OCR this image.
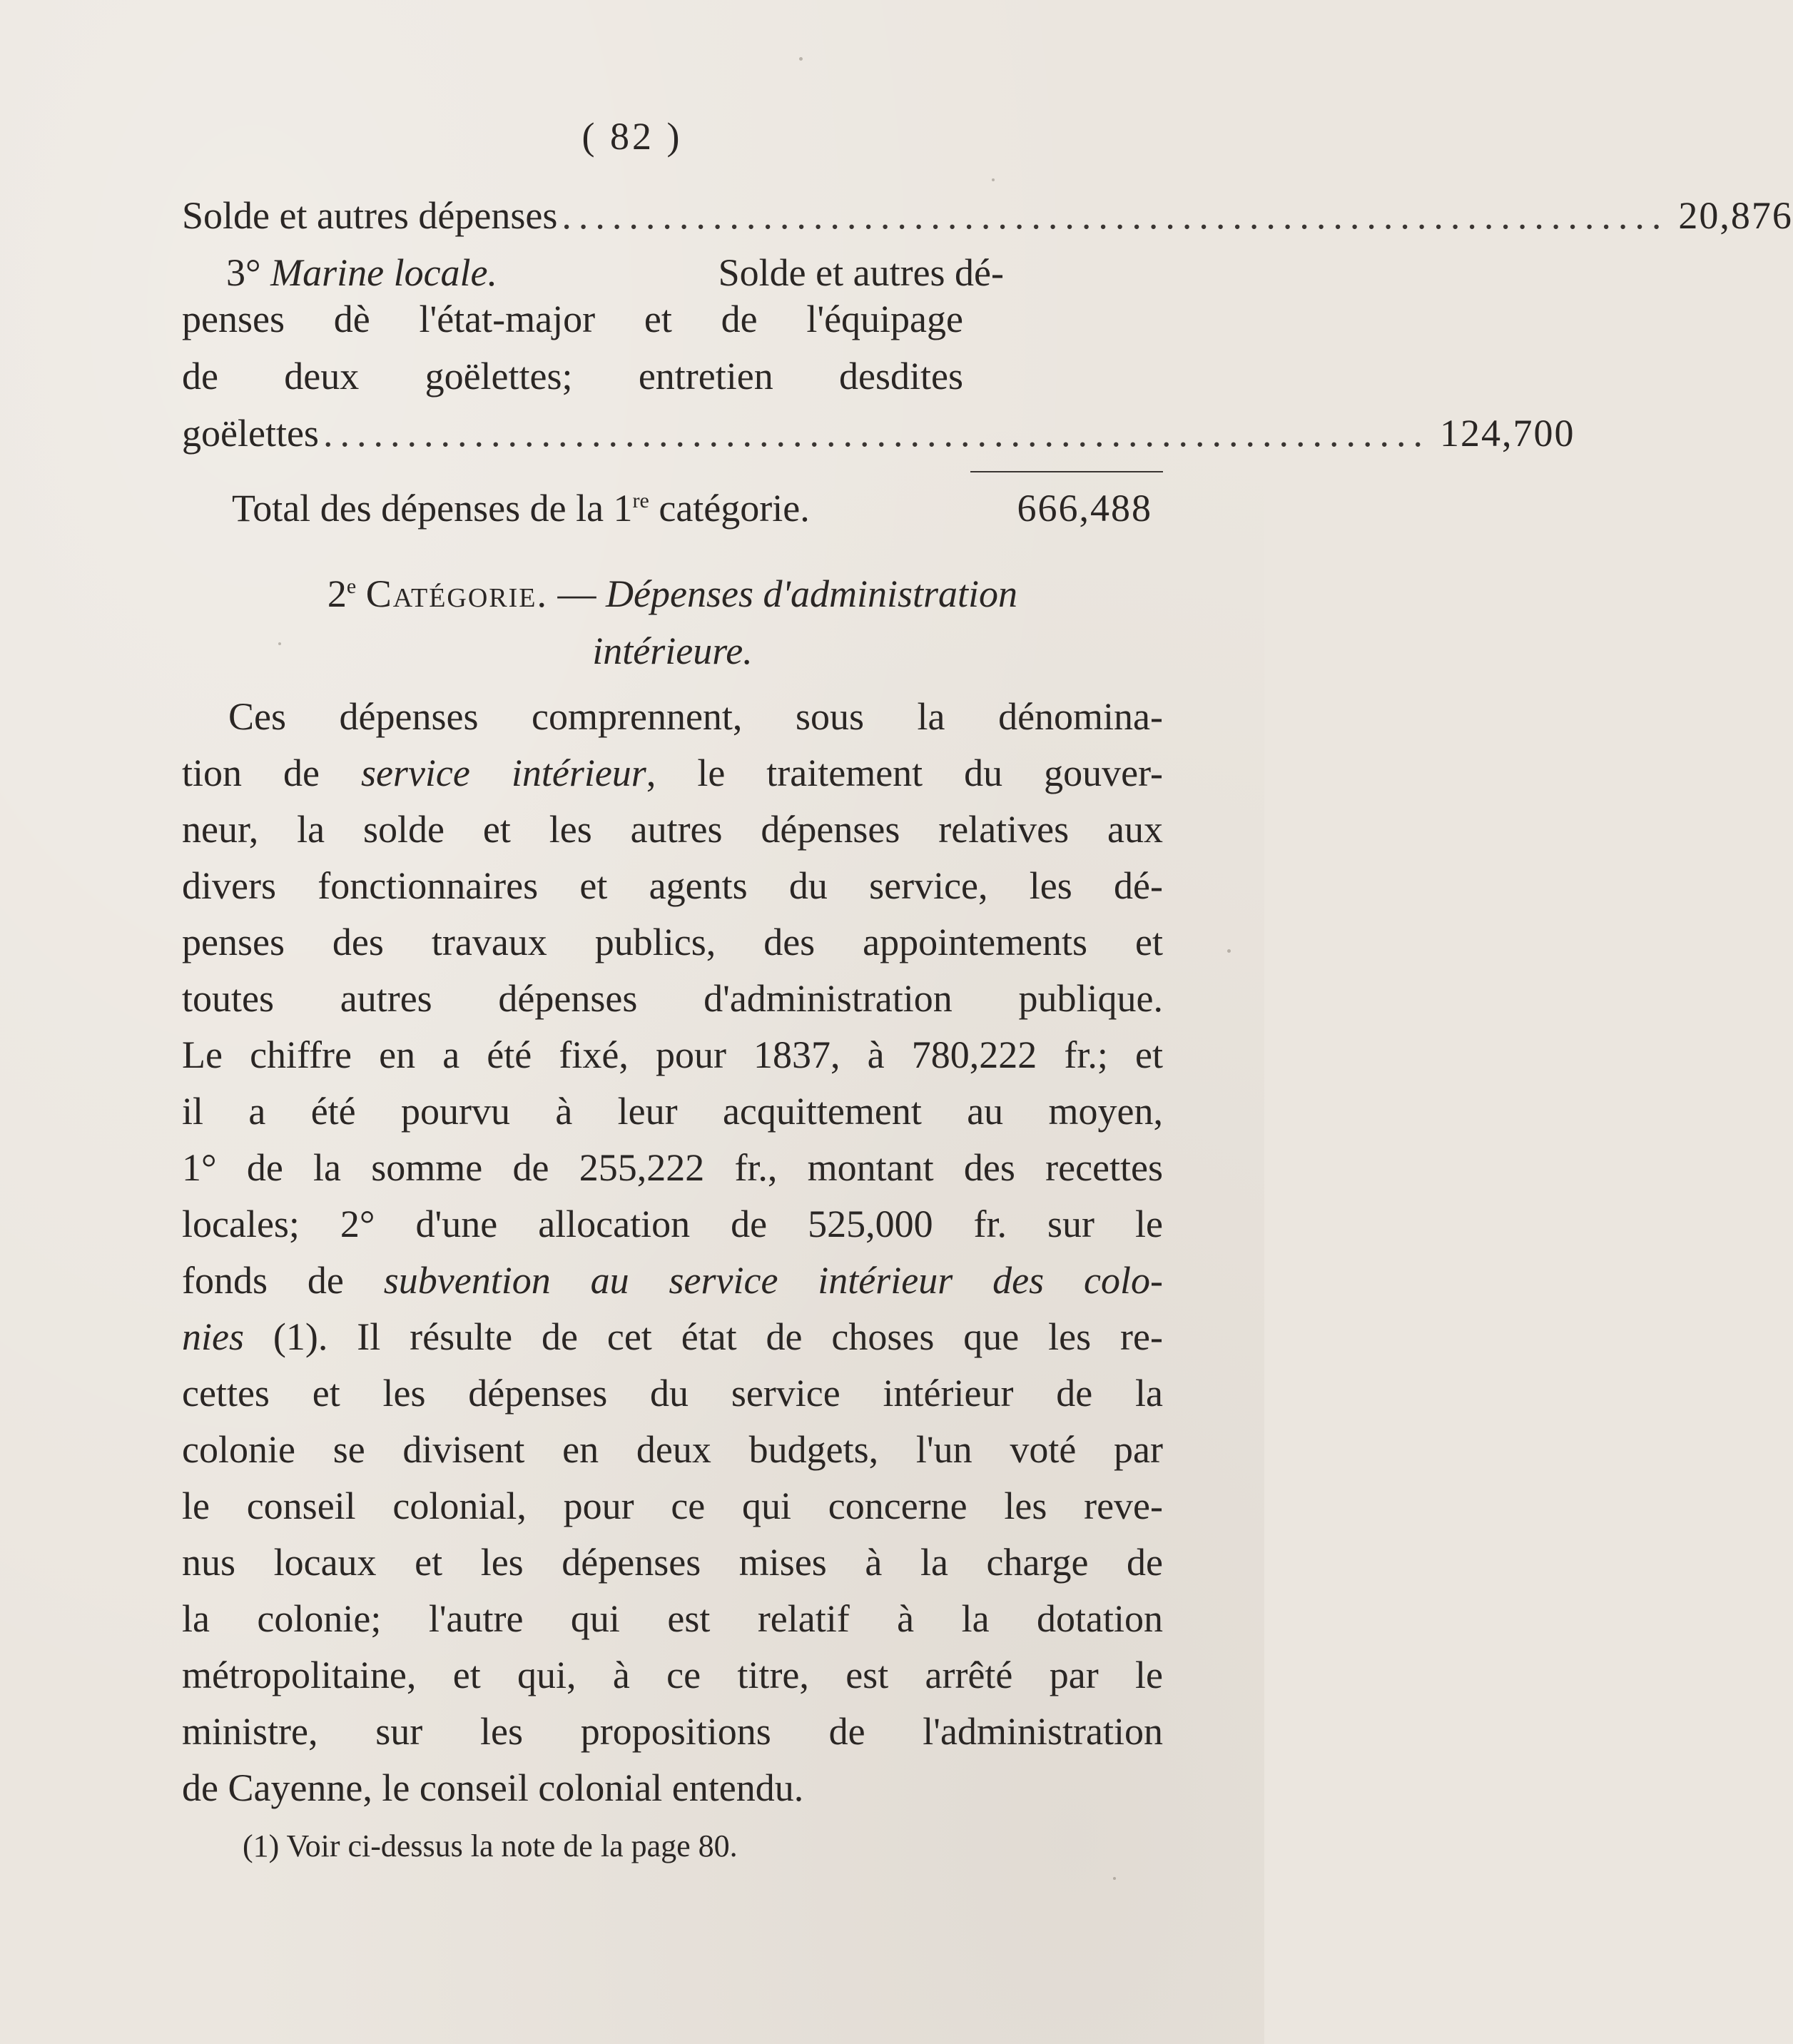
( 82 )
Solde et autres dépenses .................................................................. 20,876
3° Marine locale.	Solde et autres dé-
penses dè l'état-major et de l'équipage
de deux goëlettes; entretien desdites
goëlettes .................................................................. 124,700
Total des dépenses de la 1re catégorie.	666,488
2e Catégorie. — Dépenses d'administration
intérieure.
Ces dépenses comprennent, sous la dénomina-
tion de service intérieur, le traitement du gouver-
neur, la solde et les autres dépenses relatives aux
divers fonctionnaires et agents du service, les dé-
penses des travaux publics, des appointements et
toutes autres dépenses d'administration publique.
Le chiffre en a été fixé, pour 1837, à 780,222 fr.; et
il a été pourvu à leur acquittement au moyen,
1° de la somme de 255,222 fr., montant des recettes
locales; 2° d'une allocation de 525,000 fr. sur le
fonds de subvention au service intérieur des colo-
nies (1). Il résulte de cet état de choses que les re-
cettes et les dépenses du service intérieur de la
colonie se divisent en deux budgets, l'un voté par
le conseil colonial, pour ce qui concerne les reve-
nus locaux et les dépenses mises à la charge de
la colonie; l'autre qui est relatif à la dotation
métropolitaine, et qui, à ce titre, est arrêté par le
ministre, sur les propositions de l'administration
de Cayenne, le conseil colonial entendu.
(1) Voir ci-dessus la note de la page 80.
